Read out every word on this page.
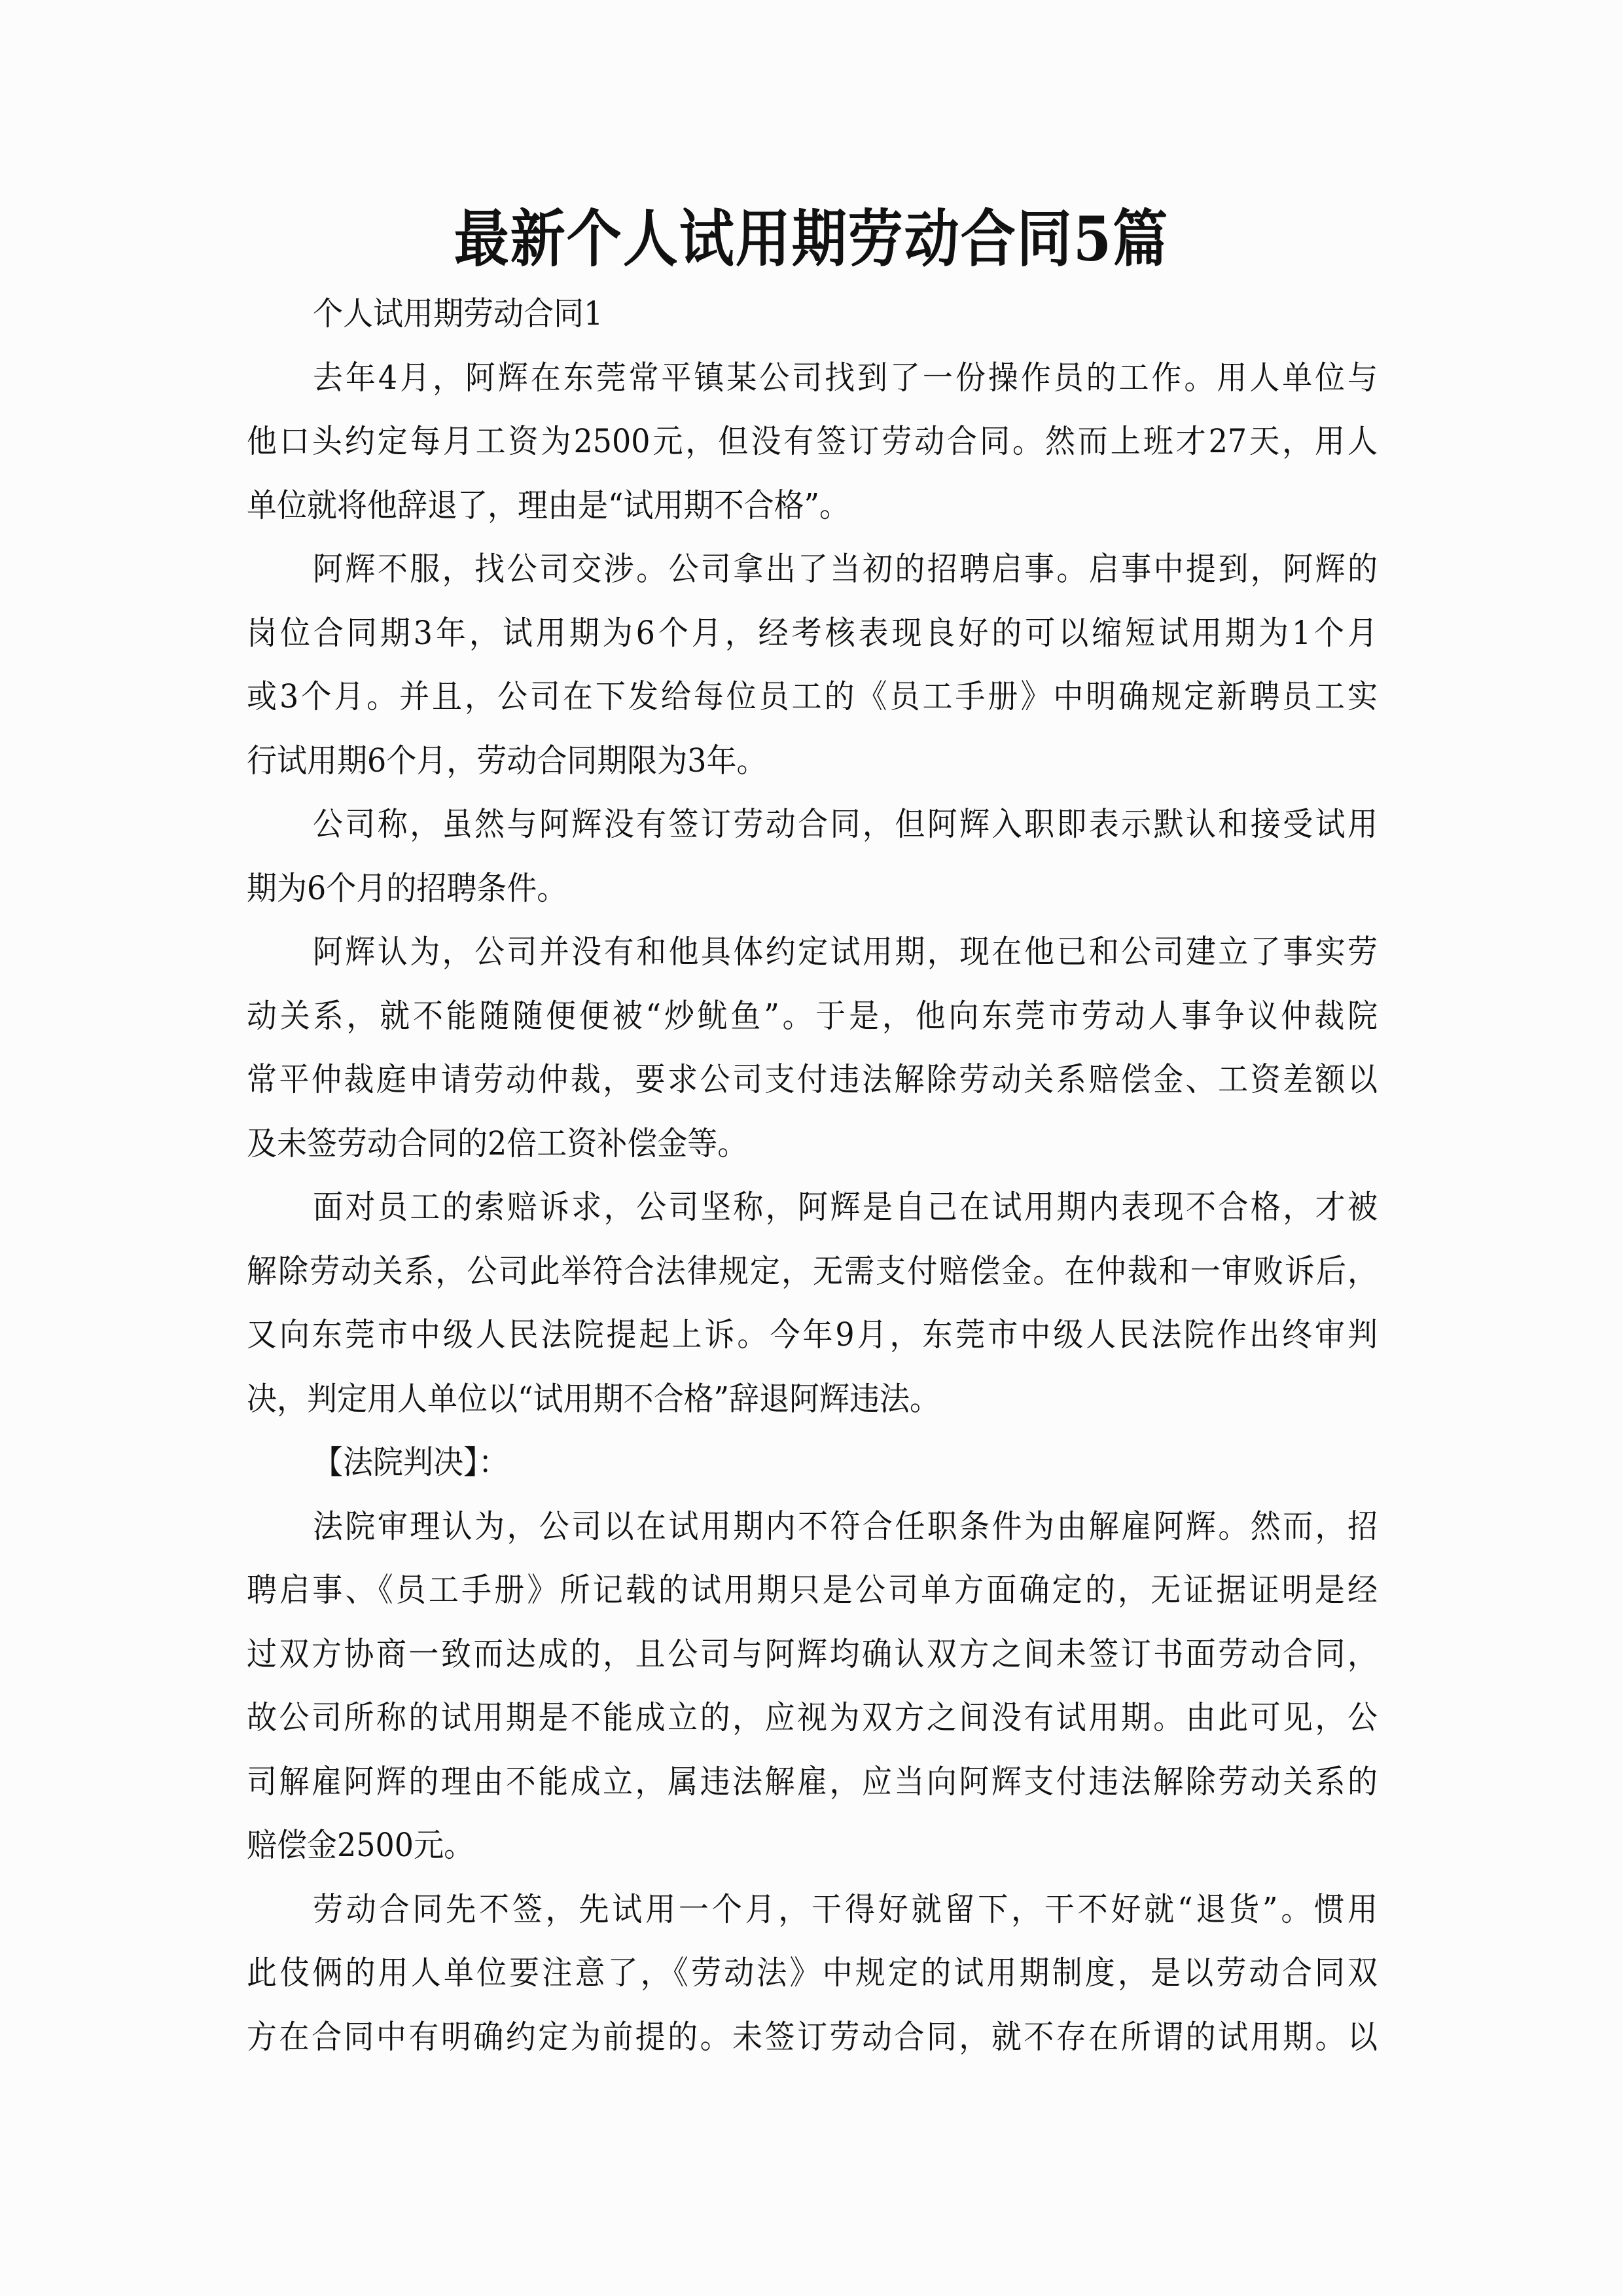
最新个人试用期劳动合同5篇
个人试用期劳动合同1
去年4月，阿辉在东莞常平镇某公司找到了一份操作员的工作。用人单位与
他口头约定每月工资为2500元，但没有签订劳动合同。然而上班才27天，用人
单位就将他辞退了，理由是“试用期不合格”。
阿辉不服，找公司交涉。公司拿出了当初的招聘启事。启事中提到，阿辉的
岗位合同期3年，试用期为6个月，经考核表现良好的可以缩短试用期为1个月
或3个月。并且，公司在下发给每位员工的《员工手册》中明确规定新聘员工实
行试用期6个月，劳动合同期限为3年。
公司称，虽然与阿辉没有签订劳动合同，但阿辉入职即表示默认和接受试用
期为6个月的招聘条件。
阿辉认为，公司并没有和他具体约定试用期，现在他已和公司建立了事实劳
动关系，就不能随随便便被“炒鱿鱼”。于是，他向东莞市劳动人事争议仲裁院
常平仲裁庭申请劳动仲裁，要求公司支付违法解除劳动关系赔偿金、工资差额以
及未签劳动合同的2倍工资补偿金等。
面对员工的索赔诉求，公司坚称，阿辉是自己在试用期内表现不合格，才被
解除劳动关系，公司此举符合法律规定，无需支付赔偿金。在仲裁和一审败诉后，
又向东莞市中级人民法院提起上诉。今年9月，东莞市中级人民法院作出终审判
决，判定用人单位以“试用期不合格”辞退阿辉违法。
【法院判决】：
法院审理认为，公司以在试用期内不符合任职条件为由解雇阿辉。然而，招
聘启事、《员工手册》所记载的试用期只是公司单方面确定的，无证据证明是经
过双方协商一致而达成的，且公司与阿辉均确认双方之间未签订书面劳动合同，
故公司所称的试用期是不能成立的，应视为双方之间没有试用期。由此可见，公
司解雇阿辉的理由不能成立，属违法解雇，应当向阿辉支付违法解除劳动关系的
赔偿金2500元。
劳动合同先不签，先试用一个月，干得好就留下，干不好就“退货”。惯用
此伎俩的用人单位要注意了，《劳动法》中规定的试用期制度，是以劳动合同双
方在合同中有明确约定为前提的。未签订劳动合同，就不存在所谓的试用期。以
